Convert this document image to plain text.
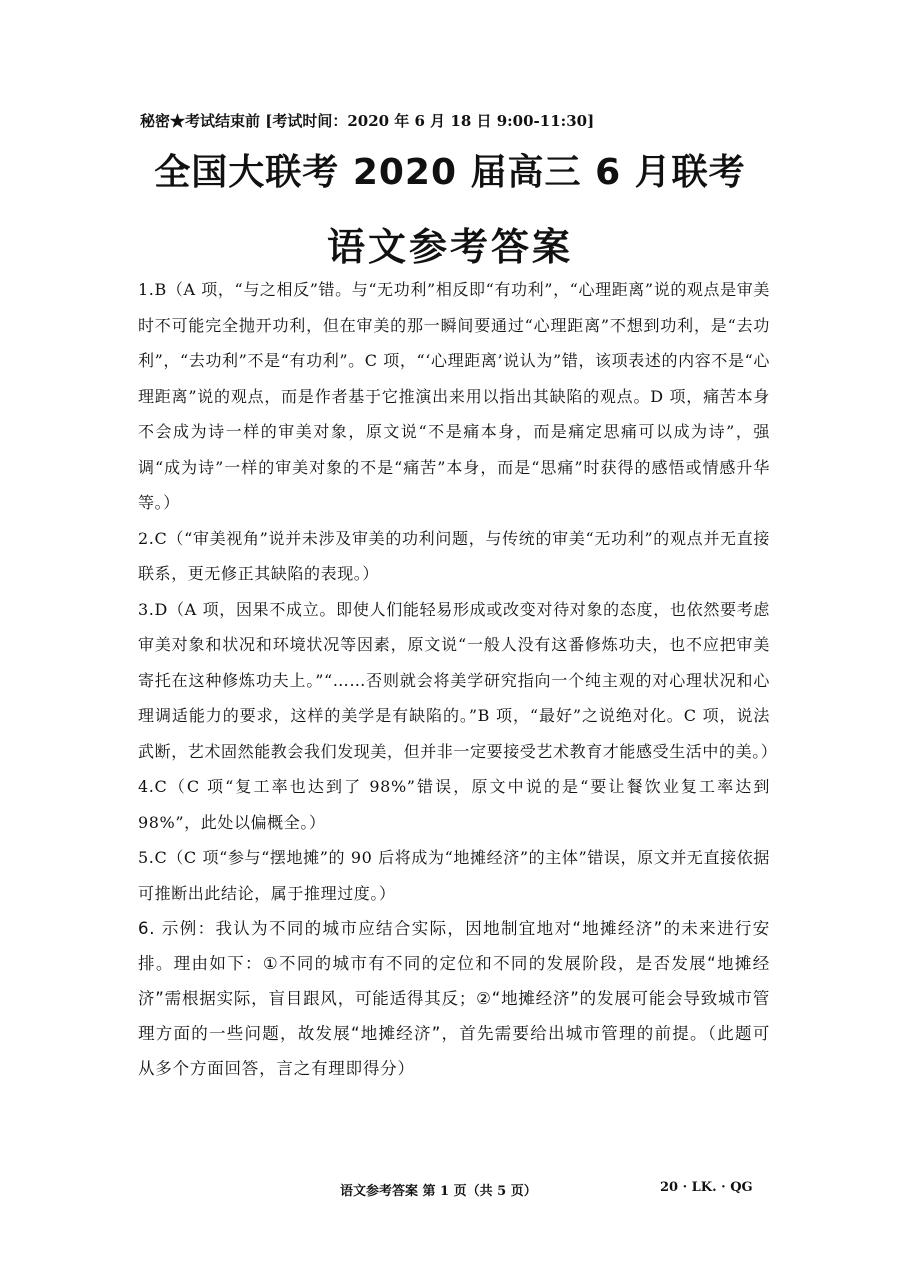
秘密★考试结束前 [考试时间：2020 年 6 月 18 日 9:00-11:30]
全国大联考 2020 届高三 6 月联考
语文参考答案

1.B（A 项，“与之相反”错。与“无功利”相反即“有功利”，“心理距离”说的观点是审美时不可能完全抛开功利，但在审美的那一瞬间要通过“心理距离”不想到功利，是“去功利”，“去功利”不是“有功利”。C 项，“‘心理距离’说认为”错，该项表述的内容不是“心理距离”说的观点，而是作者基于它推演出来用以指出其缺陷的观点。D 项，痛苦本身不会成为诗一样的审美对象，原文说“不是痛本身，而是痛定思痛可以成为诗”，强调“成为诗”一样的审美对象的不是“痛苦”本身，而是“思痛”时获得的感悟或情感升华等。）

2.C（“审美视角”说并未涉及审美的功利问题，与传统的审美“无功利”的观点并无直接联系，更无修正其缺陷的表现。）

3.D（A 项，因果不成立。即使人们能轻易形成或改变对待对象的态度，也依然要考虑审美对象和状况和环境状况等因素，原文说“一般人没有这番修炼功夫，也不应把审美寄托在这种修炼功夫上。”“……否则就会将美学研究指向一个纯主观的对心理状况和心理调适能力的要求，这样的美学是有缺陷的。”B 项，“最好”之说绝对化。C 项，说法武断，艺术固然能教会我们发现美，但并非一定要接受艺术教育才能感受生活中的美。）

4.C（C 项“复工率也达到了 98%”错误，原文中说的是“要让餐饮业复工率达到 98%”，此处以偏概全。）

5.C（C 项“参与“摆地摊”的 90 后将成为“地摊经济”的主体”错误，原文并无直接依据可推断出此结论，属于推理过度。）

6. 示例：我认为不同的城市应结合实际，因地制宜地对“地摊经济”的未来进行安排。理由如下：①不同的城市有不同的定位和不同的发展阶段，是否发展“地摊经济”需根据实际，盲目跟风，可能适得其反；②“地摊经济”的发展可能会导致城市管理方面的一些问题，故发展“地摊经济”，首先需要给出城市管理的前提。（此题可从多个方面回答，言之有理即得分）

语文参考答案 第 1 页（共 5 页）	20 · LK. · QG
